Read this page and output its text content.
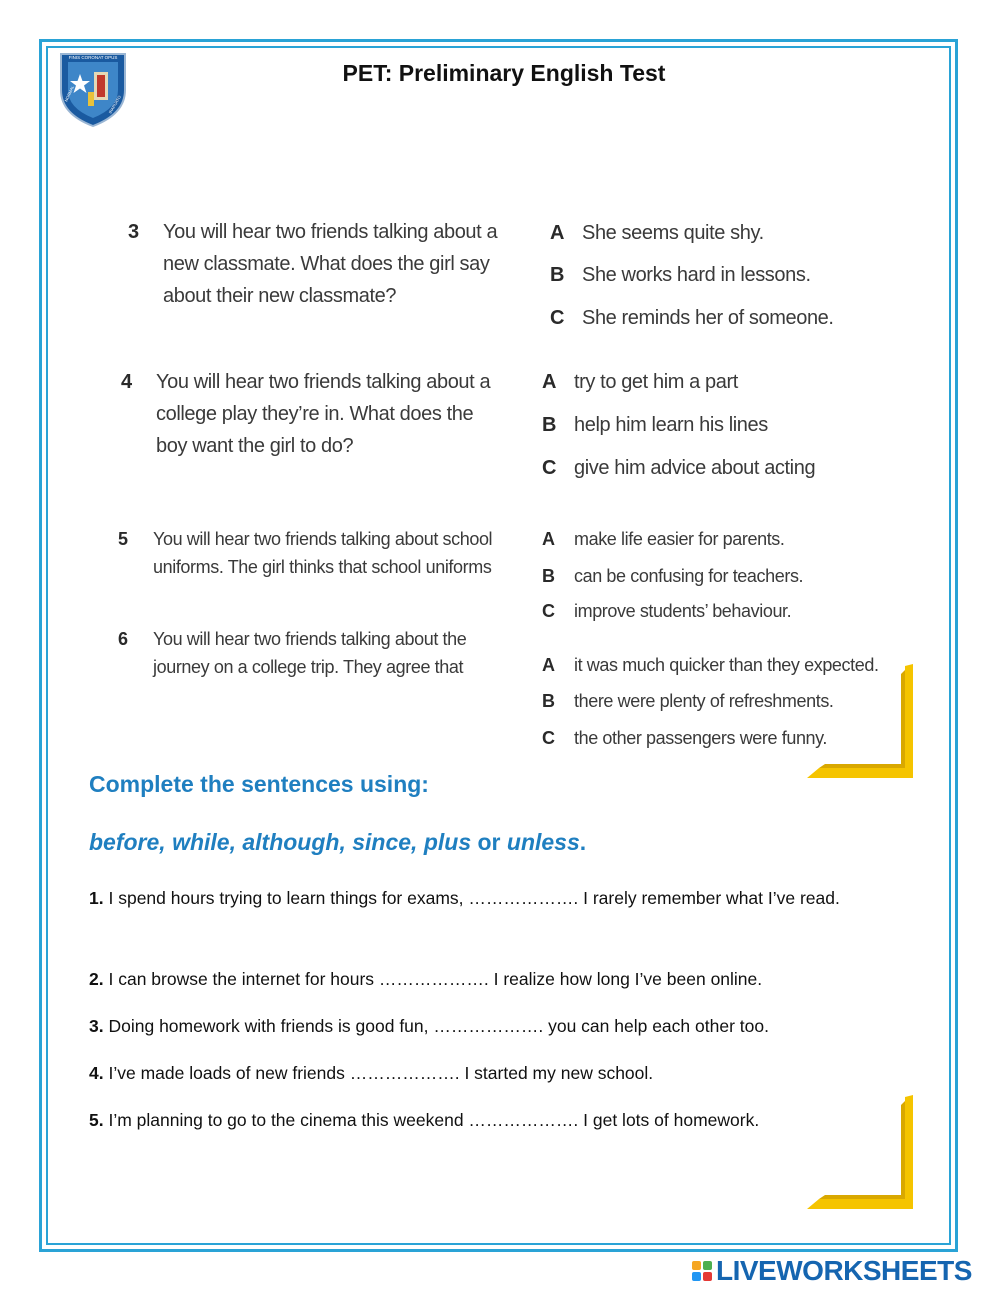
FINIS CORONAT OPUS
NORMAL
IRAPUATO
PET: Preliminary English Test
3 You will hear two friends talking about a new classmate. What does the girl say about their new classmate?
A She seems quite shy.
B She works hard in lessons.
C She reminds her of someone.
4 You will hear two friends talking about a college play they’re in. What does the boy want the girl to do?
A try to get him a part
B help him learn his lines
C give him advice about acting
5 You will hear two friends talking about school uniforms. The girl thinks that school uniforms
A make life easier for parents.
B can be confusing for teachers.
C improve students’ behaviour.
6 You will hear two friends talking about the journey on a college trip. They agree that	A it was much quicker than they expected.
B there were plenty of refreshments.
C the other passengers were funny.
Complete the sentences using:
before, while, although, since, plus or unless.
1. I spend hours trying to learn things for exams, ………………. I rarely remember what I’ve read.
2. I can browse the internet for hours ………………. I realize how long I’ve been online.
3. Doing homework with friends is good fun, ………………. you can help each other too.
4. I’ve made loads of new friends ………………. I started my new school.
5. I’m planning to go to the cinema this weekend ………………. I get lots of homework.
LIVEWORKSHEETS
